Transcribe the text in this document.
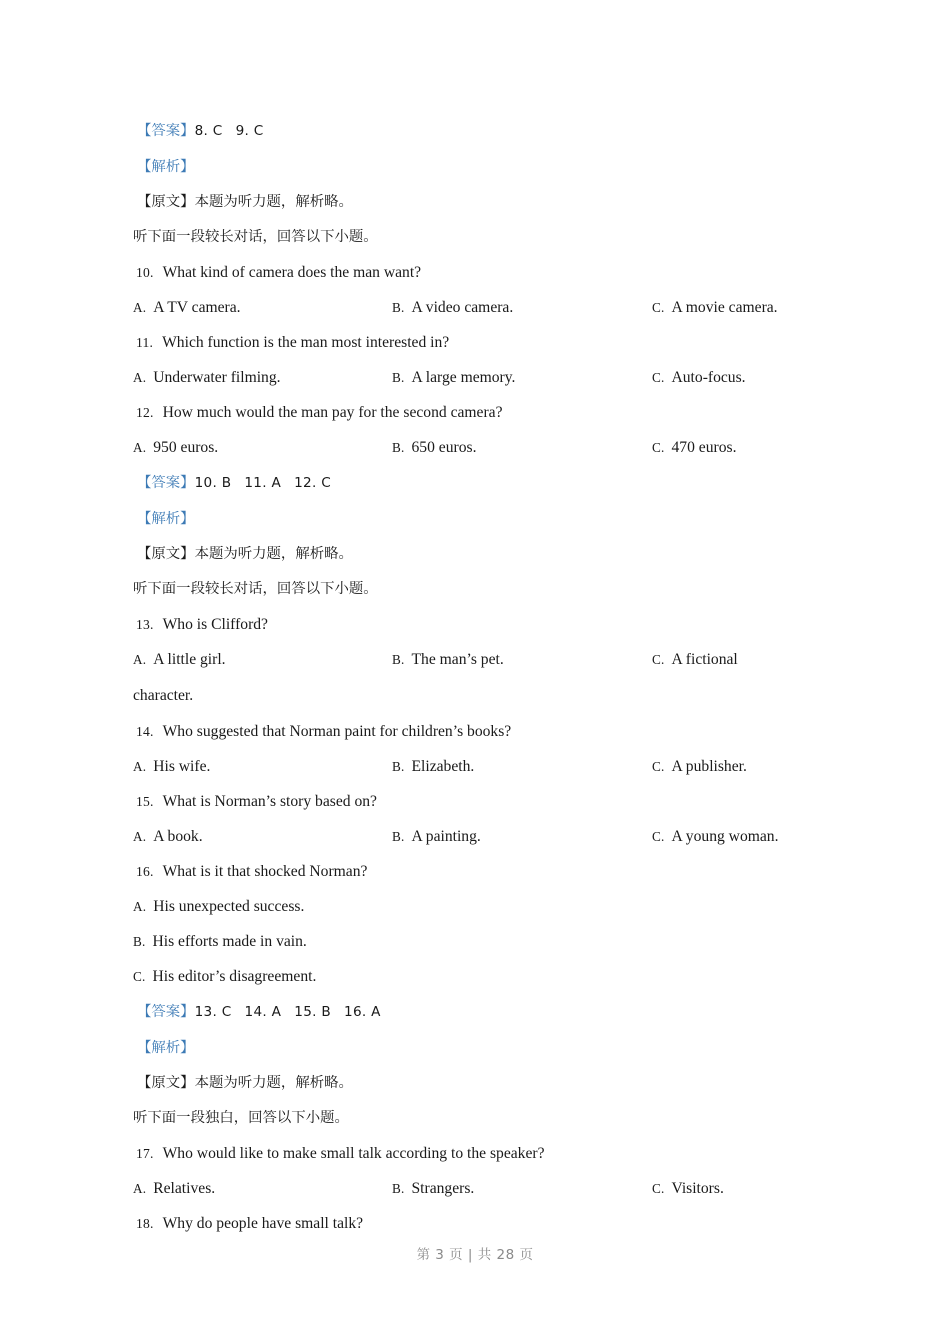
【答案】8. C 9. C
【解析】
【原文】本题为听力题，解析略。
听下面一段较长对话，回答以下小题。
10. What kind of camera does the man want?
A. A TV camera.	B. A video camera.	C. A movie camera.
11. Which function is the man most interested in?
A. Underwater filming.	B. A large memory.	C. Auto-focus.
12. How much would the man pay for the second camera?
A. 950 euros.	B. 650 euros.	C. 470 euros.
【答案】10. B 11. A 12. C
【解析】
【原文】本题为听力题，解析略。
听下面一段较长对话，回答以下小题。
13. Who is Clifford?
A. A little girl.	B. The man’s pet.	C. A fictional
character.
14. Who suggested that Norman paint for children’s books?
A. His wife.	B. Elizabeth.	C. A publisher.
15. What is Norman’s story based on?
A. A book.	B. A painting.	C. A young woman.
16. What is it that shocked Norman?
A. His unexpected success.
B. His efforts made in vain.
C. His editor’s disagreement.
【答案】13. C 14. A 15. B 16. A
【解析】
【原文】本题为听力题，解析略。
听下面一段独白，回答以下小题。
17. Who would like to make small talk according to the speaker?
A. Relatives.	B. Strangers.	C. Visitors.
18. Why do people have small talk?
第 3 页 | 共 28 页
